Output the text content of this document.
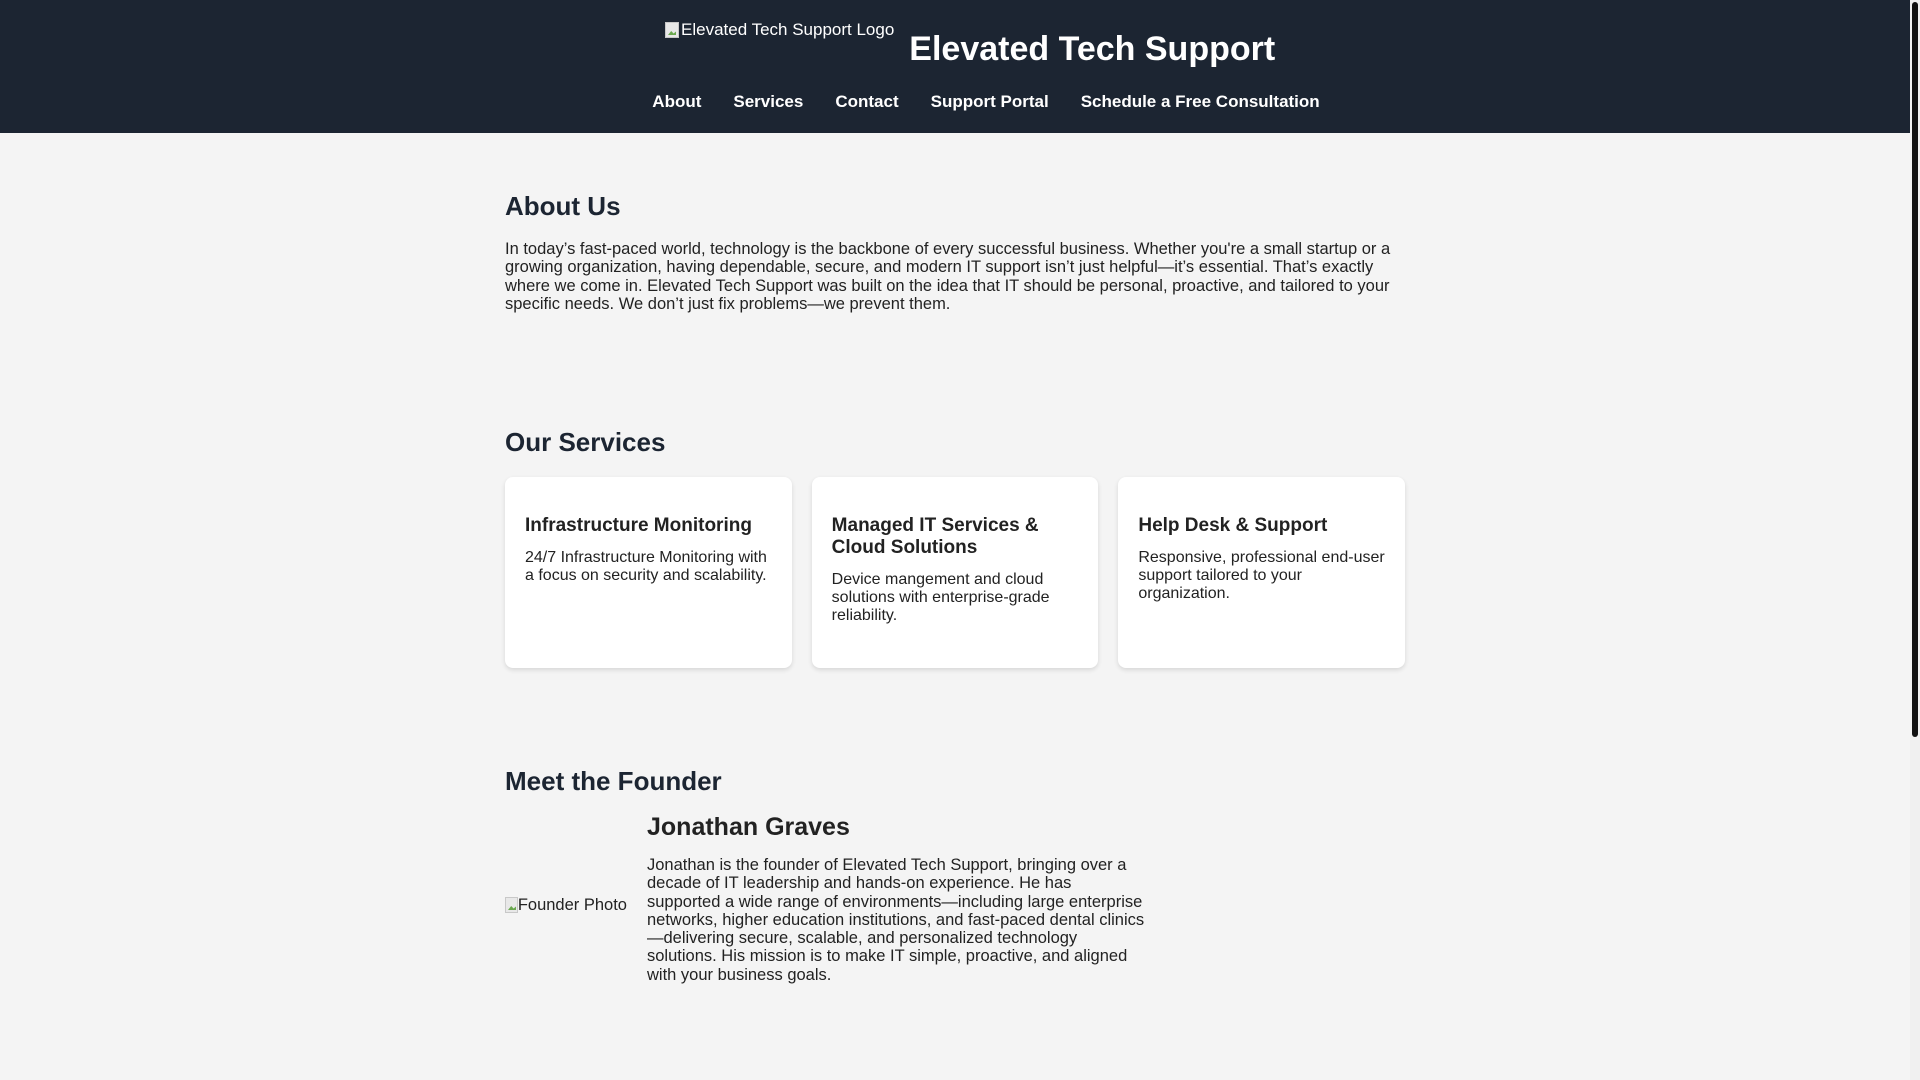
Elevated Tech Support Logo
Elevated Tech Support
About Services Contact Support Portal Schedule a Free Consultation
About Us

In today’s fast-paced world, technology is the backbone of every successful business. Whether you're a small startup or a growing organization, having dependable, secure, and modern IT support isn’t just helpful—it’s essential. That’s exactly where we come in. Elevated Tech Support was built on the idea that IT should be personal, proactive, and tailored to your specific needs. We don’t just fix problems—we prevent them.

Our Services
Infrastructure Monitoring

24/7 Infrastructure Monitoring with a focus on security and scalability.

Managed IT Services & Cloud Solutions

Device mangement and cloud solutions with enterprise-grade reliability.

Help Desk & Support

Responsive, professional end-user support tailored to your organization.

Meet the Founder
Founder Photo
Jonathan Graves

Jonathan is the founder of Elevated Tech Support, bringing over a decade of IT leadership and hands-on experience. He has supported a wide range of environments—including large enterprise networks, higher education institutions, and fast-paced dental clinics—delivering secure, scalable, and personalized technology solutions. His mission is to make IT simple, proactive, and aligned with your business goals.
